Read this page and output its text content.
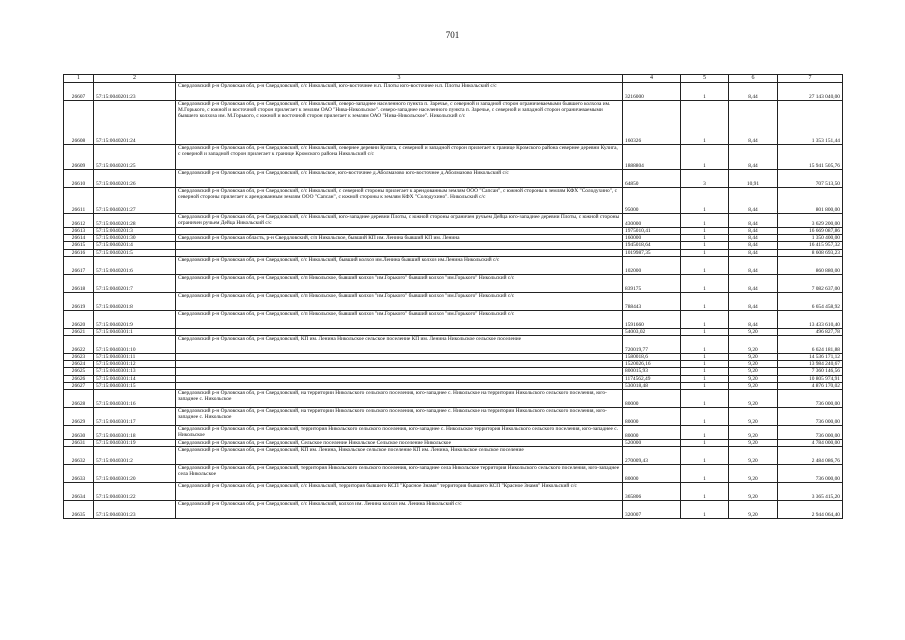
701
1	2	3	4	5	6	7
26607	57:15:0040201:23	Свердловский р-н Орловская обл, р-н Свердловский, с/с Никольский, юго-восточнее н.п. Плоты юго-восточнее н.п. Плоты Никольский с/с	3216000	1	8,44	27 143 040,00
26608	57:15:0040201:24	Свердловский р-н Орловская обл, р-н Свердловский, с/с Никольский, северо-западнее населенного пункта п. Заречье, с северной и западной сторон ограничеваемыми бывшего колхоза им. М.Горького, с южной и восточной сторон прилегает к землям ОАО "Нива-Никольское". северо-западнее населенного пункта п. Заречье, с северной и западной сторон ограничеваемыми бывшего колхоза им. М.Горького, с южной и восточной сторон прилегает к землям ОАО "Нива-Никольское". Никольский с/с	160326	1	8,44	1 353 151,44
26609	57:15:0040201:25	Свердловский р-н Орловская обл, р-н Свердловский, с/с Никольский, севернее деревни Кулига, с северной и западной сторон прилегает к границе Кромского района севернее деревни Кулига, с северной и западной сторон прилегает к границе Кромского района Никольский с/с	1888804	1	8,44	15 941 505,76
26610	57:15:0040201:26	Свердловский р-н Орловская обл, р-н Свердловский, с/с Никольское, юго-восточнее д.Аболмазово юго-восточнее д.Аболмазово Никольский с/с	64850	3	10,91	707 513,50
26611	57:15:0040201:27	Свердловский р-н Орловская обл, р-н Свердловский, с/с Никольский, с северной стороны прилегает к арендованным землям ООО "Сапсан", с южной стороны к землям КФХ "Солодухино", с северной стороны прилегает к арендованным землям ООО "Сапсан", с южной стороны к землям КФХ "Солодухино". Никольский с/с	95000	1	8,44	801 800,00
26612	57:15:0040201:28	Свердловский р-н Орловская обл, р-н Свердловский, с/с Никольский, юго-западнее деревни Плоты, с южной стороны ограничен ручьем Дейца юго-западнее деревни Плоты, с южной стороны ограничен ручьем Дейца Никольский с/с	430000	1	8,44	3 629 200,00
26613	57:15:0040201:3		1975010,41	1	8,44	16 669 087,86
26614	57:15:0040201:30	Свердловский р-н Орловская область, р-н Свердловский, с/п Никольское, бывший КП им. Ленина бывший КП им. Ленина	160000	1	8,44	1 350 400,00
26615	57:15:0040201:4		1945018,64	1	8,44	16 415 957,32
26616	57:15:0040201:5		1019987,35	1	8,44	8 608 693,23
26617	57:15:0040201:6	Свердловский р-н Орловская обл, р-н Свердловский, с/с Никольский, бывший колхоз им.Ленина бывший колхоз им.Ленина Никольский с/с	102000	1	8,44	860 880,00
26618	57:15:0040201:7	Свердловский р-н Орловская обл, р-н Свердловский, с/п Никольское, бывший колхоз "им.Горького" бывший колхоз "им.Горького" Никольский с/с	839175	1	8,44	7 082 637,00
26619	57:15:0040201:8	Свердловский р-н Орловская обл, р-н Свердловский, с/п Никольское, бывший колхоз "им.Горького" бывший колхоз "им.Горького" Никольский с/с	788443	1	8,44	6 654 458,92
26620	57:15:0040201:9	Свердловский р-н Орловская обл, р-н Свердловский, с/п Никольское, бывший колхоз "им.Горького" бывший колхоз "им.Горького" Никольский с/с	1591660	1	8,44	13 433 610,40
26621	57:15:0040301:1		54003,02	1	9,20	496 827,78
26622	57:15:0040301:10	Свердловский р-н Орловская обл, р-н Свердловский, КП им. Ленина Никольское сельское поселение КП им. Ленина Никольское сельское поселение	720019,77	1	9,20	6 624 181,88
26623	57:15:0040301:11		1580018,6	1	9,20	14 536 171,12
26624	57:15:0040301:12		1520026,16	1	9,20	13 984 240,67
26625	57:15:0040301:13		800015,93	1	9,20	7 360 146,56
26626	57:15:0040301:14		1174562,49	1	9,20	10 805 974,91
26627	57:15:0040301:15		530018,48	1	9,20	4 876 170,02
26628	57:15:0040301:16	Свердловский р-н Орловская обл, р-н Свердловский, на территории Никольского сельского поселения, юго-западнее с. Никольское на территории Никольского сельского поселения, юго-западнее с. Никольское	80000	1	9,20	736 000,00
26629	57:15:0040301:17	Свердловский р-н Орловская обл, р-н Свердловский, на территории Никольского сельского поселения, юго-западнее с. Никольское на территории Никольского сельского поселения, юго-западнее с. Никольское	80000	1	9,20	736 000,00
26630	57:15:0040301:18	Свердловский р-н Орловская обл, р-н Свердловский, территория Никольского сельского поселения, юго-западнее с. Никольское территория Никольского сельского поселения, юго-западнее с. Никольское	80000	1	9,20	736 000,00
26631	57:15:0040301:19	Свердловский р-н Орловская обл, р-н Свердловский, Сельское поселение Никольское Сельское поселение Никольское	520000	1	9,20	4 784 000,00
26632	57:15:0040301:2	Свердловский р-н Орловская обл, р-н Свердловский, КП им. Ленина, Никольское сельское поселение КП им. Ленина, Никольское сельское поселение	270009,43	1	9,20	2 484 086,76
26633	57:15:0040301:20	Свердловский р-н Орловская обл, р-н Свердловский, территория Никольского сельского поселения, юго-западнее села Никольское территория Никольского сельского поселения, юго-западнее села Никольское	80000	1	9,20	736 000,00
26634	57:15:0040301:22	Свердловский р-н Орловская обл, р-н Свердловский, с/с Никольский, территория бывшего КСП "Красное Знамя" территория бывшего КСП "Красное Знамя" Никольский с/с	365806	1	9,20	3 365 415,20
26635	57:15:0040301:23	Свердловский р-н Орловская обл, р-н Свердловский, с/с Никольский, колхоз им. Ленина колхоз им. Ленина Никольский с/с	320007	1	9,20	2 944 064,40
